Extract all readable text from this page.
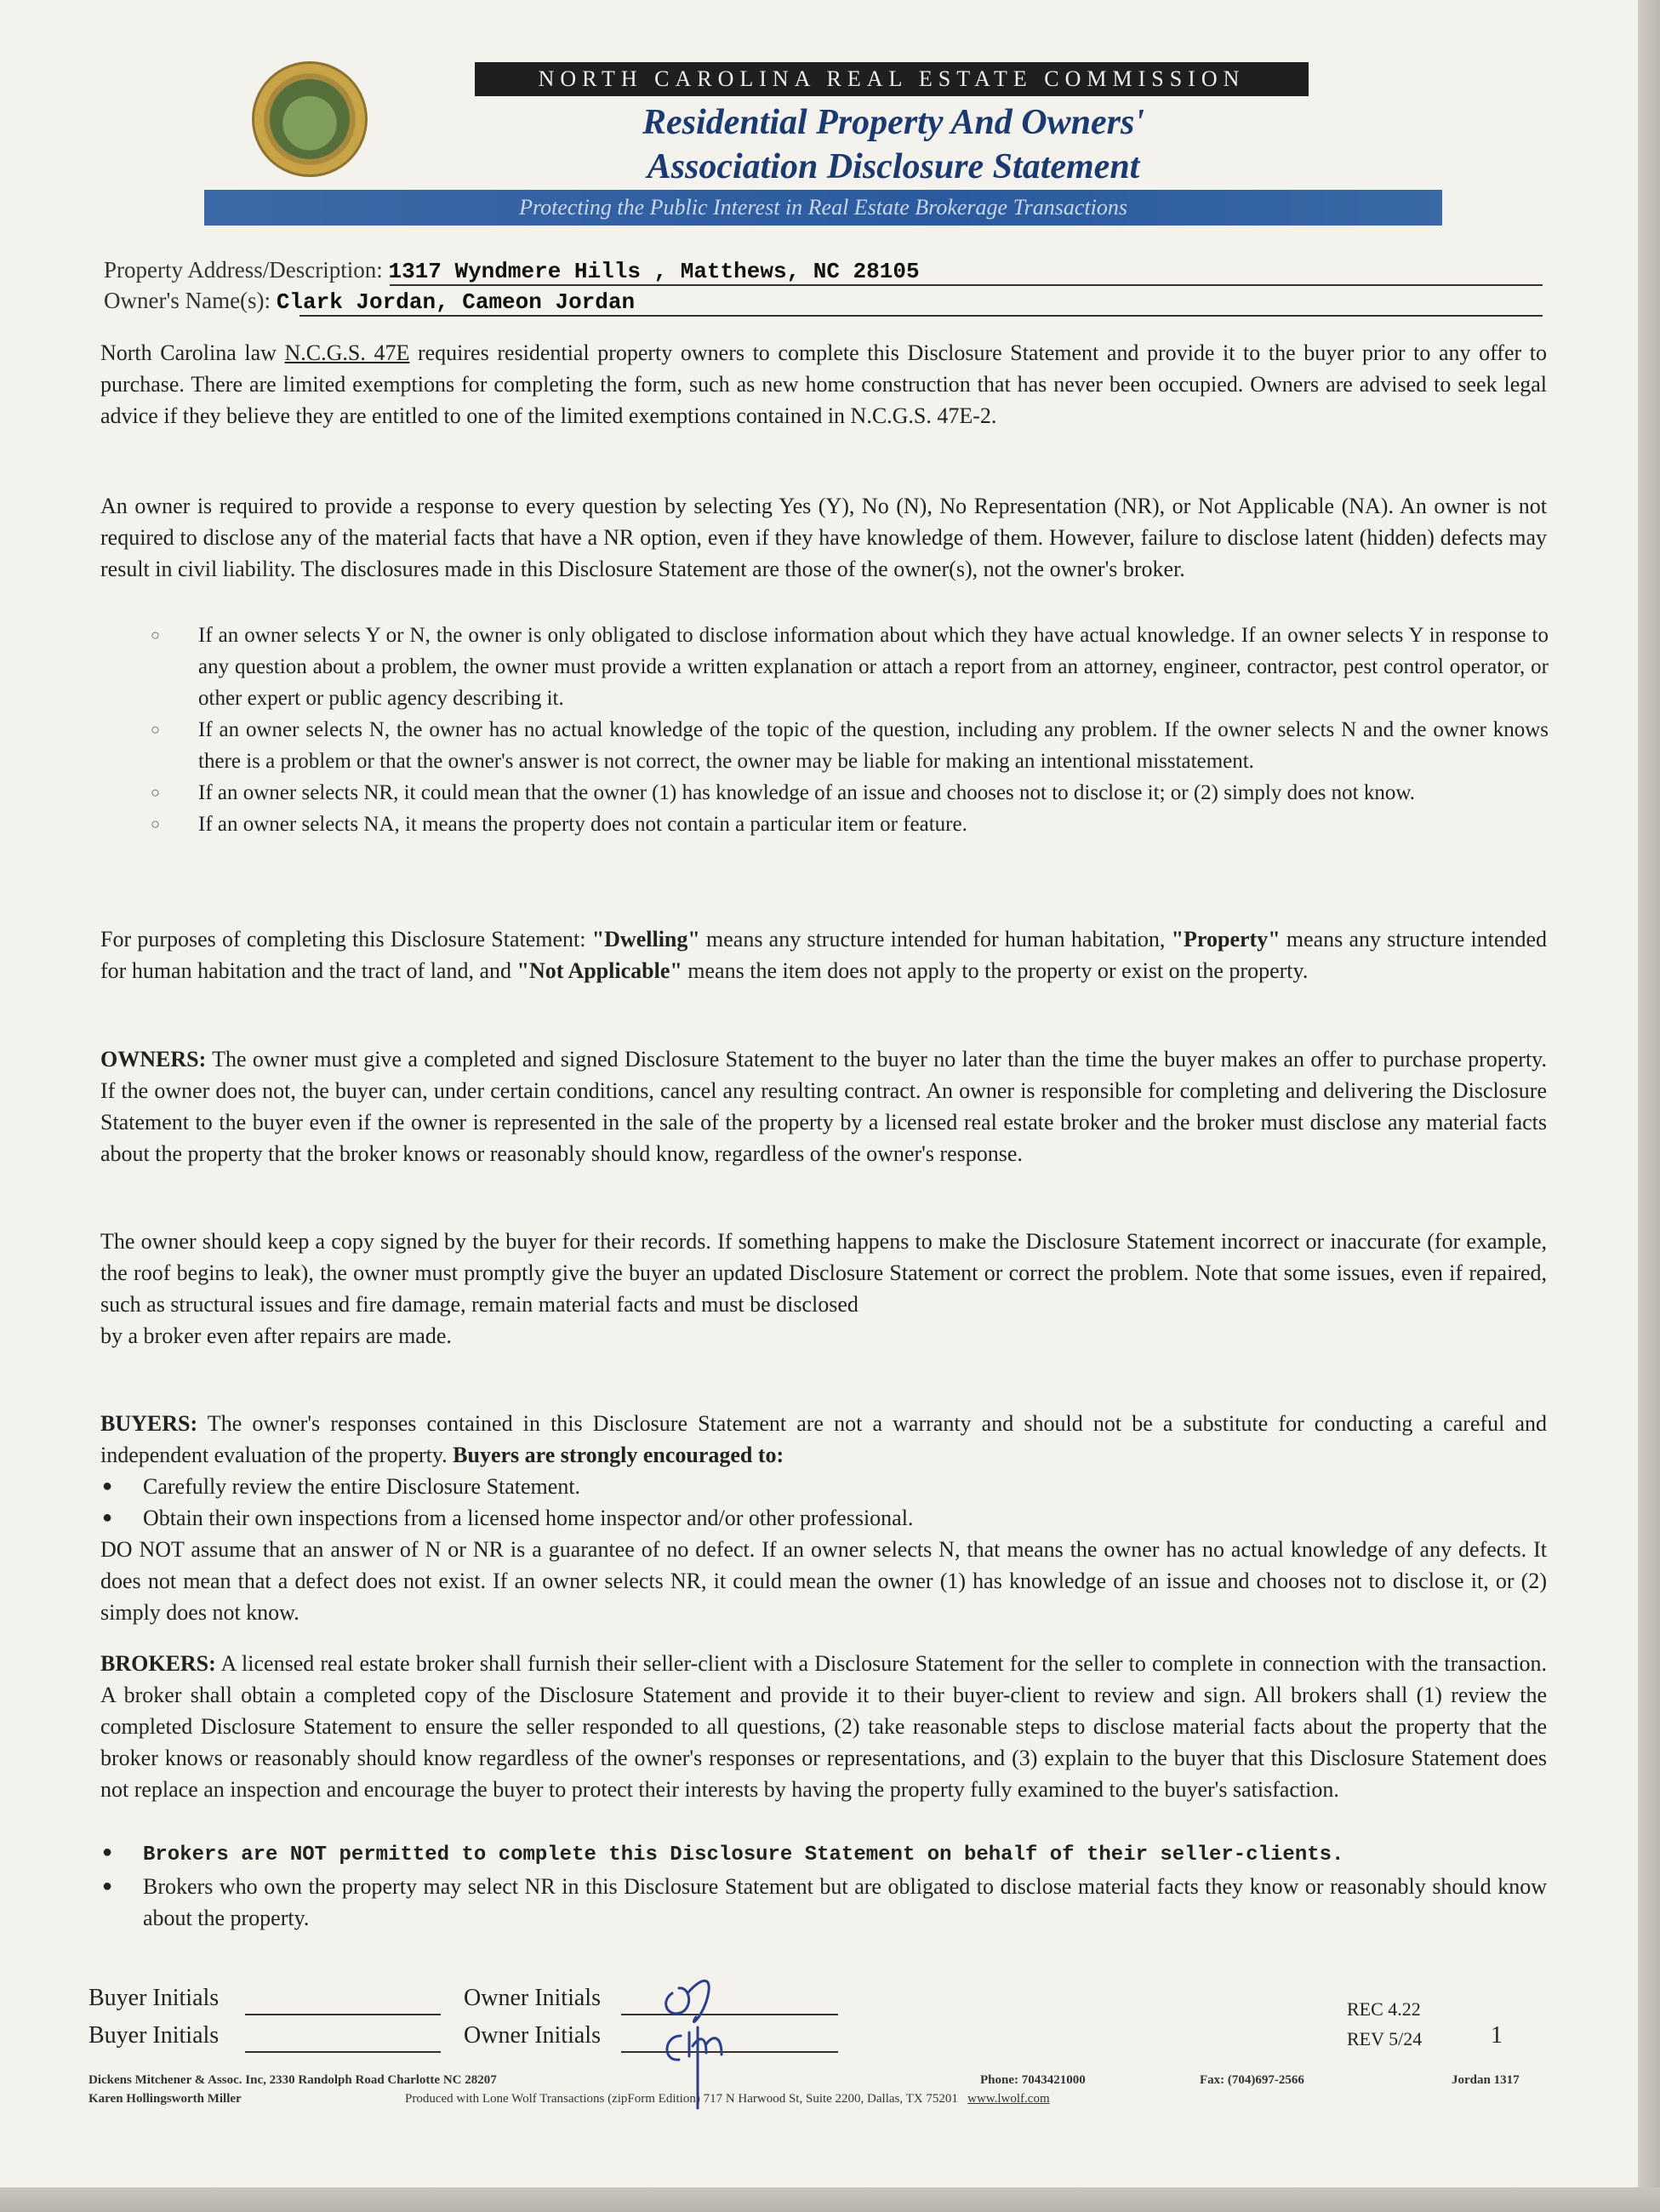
NORTH CAROLINA REAL ESTATE COMMISSION
Residential Property And Owners'
Association Disclosure Statement
Protecting the Public Interest in Real Estate Brokerage Transactions
Property Address/Description: 1317 Wyndmere Hills , Matthews, NC 28105
Owner's Name(s): Clark Jordan, Cameon Jordan
North Carolina law N.C.G.S. 47E requires residential property owners to complete this Disclosure Statement and provide it to the buyer prior to any offer to purchase. There are limited exemptions for completing the form, such as new home construction that has never been occupied. Owners are advised to seek legal advice if they believe they are entitled to one of the limited exemptions contained in N.C.G.S. 47E-2.
An owner is required to provide a response to every question by selecting Yes (Y), No (N), No Representation (NR), or Not Applicable (NA). An owner is not required to disclose any of the material facts that have a NR option, even if they have knowledge of them. However, failure to disclose latent (hidden) defects may result in civil liability. The disclosures made in this Disclosure Statement are those of the owner(s), not the owner's broker.
○ If an owner selects Y or N, the owner is only obligated to disclose information about which they have actual knowledge. If an owner selects Y in response to any question about a problem, the owner must provide a written explanation or attach a report from an attorney, engineer, contractor, pest control operator, or other expert or public agency describing it.
○ If an owner selects N, the owner has no actual knowledge of the topic of the question, including any problem. If the owner selects N and the owner knows there is a problem or that the owner's answer is not correct, the owner may be liable for making an intentional misstatement.
○ If an owner selects NR, it could mean that the owner (1) has knowledge of an issue and chooses not to disclose it; or (2) simply does not know.
○ If an owner selects NA, it means the property does not contain a particular item or feature.
For purposes of completing this Disclosure Statement: "Dwelling" means any structure intended for human habitation, "Property" means any structure intended for human habitation and the tract of land, and "Not Applicable" means the item does not apply to the property or exist on the property.
OWNERS: The owner must give a completed and signed Disclosure Statement to the buyer no later than the time the buyer makes an offer to purchase property. If the owner does not, the buyer can, under certain conditions, cancel any resulting contract. An owner is responsible for completing and delivering the Disclosure Statement to the buyer even if the owner is represented in the sale of the property by a licensed real estate broker and the broker must disclose any material facts about the property that the broker knows or reasonably should know, regardless of the owner's response.
The owner should keep a copy signed by the buyer for their records. If something happens to make the Disclosure Statement incorrect or inaccurate (for example, the roof begins to leak), the owner must promptly give the buyer an updated Disclosure Statement or correct the problem. Note that some issues, even if repaired, such as structural issues and fire damage, remain material facts and must be disclosed
by a broker even after repairs are made.
BUYERS: The owner's responses contained in this Disclosure Statement are not a warranty and should not be a substitute for conducting a careful and independent evaluation of the property. Buyers are strongly encouraged to:
● Carefully review the entire Disclosure Statement.
● Obtain their own inspections from a licensed home inspector and/or other professional.
DO NOT assume that an answer of N or NR is a guarantee of no defect. If an owner selects N, that means the owner has no actual knowledge of any defects. It does not mean that a defect does not exist. If an owner selects NR, it could mean the owner (1) has knowledge of an issue and chooses not to disclose it, or (2) simply does not know.
BROKERS: A licensed real estate broker shall furnish their seller-client with a Disclosure Statement for the seller to complete in connection with the transaction. A broker shall obtain a completed copy of the Disclosure Statement and provide it to their buyer-client to review and sign. All brokers shall (1) review the completed Disclosure Statement to ensure the seller responded to all questions, (2) take reasonable steps to disclose material facts about the property that the broker knows or reasonably should know regardless of the owner's responses or representations, and (3) explain to the buyer that this Disclosure Statement does not replace an inspection and encourage the buyer to protect their interests by having the property fully examined to the buyer's satisfaction.
● Brokers are NOT permitted to complete this Disclosure Statement on behalf of their seller-clients.
● Brokers who own the property may select NR in this Disclosure Statement but are obligated to disclose material facts they know or reasonably should know about the property.
Buyer Initials
Buyer Initials
Owner Initials
Owner Initials
REC 4.22
REV 5/24	1
Dickens Mitchener & Assoc. Inc, 2330 Randolph Road Charlotte NC 28207
Karen Hollingsworth Miller
Phone: 7043421000	Fax: (704)697-2566	Jordan 1317
Produced with Lone Wolf Transactions (zipForm Edition) 717 N Harwood St, Suite 2200, Dallas, TX 75201 www.lwolf.com
